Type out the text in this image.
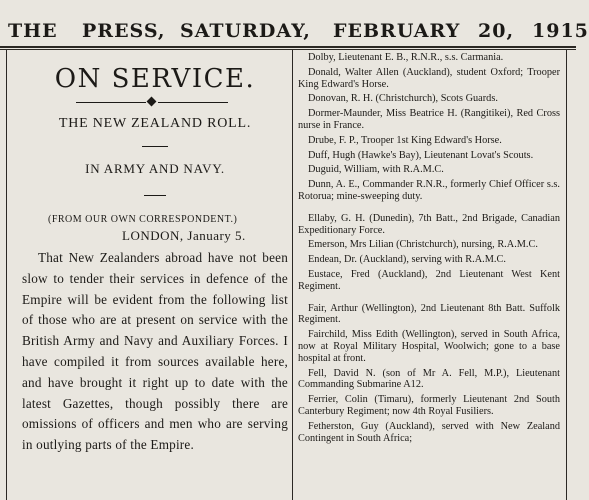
THE PRESS, SATURDAY, FEBRUARY 20, 1915
ON SERVICE.
THE NEW ZEALAND ROLL.
IN ARMY AND NAVY.
(FROM OUR OWN CORRESPONDENT.)
LONDON, January 5.
That New Zealanders abroad have not been slow to tender their services in defence of the Empire will be evident from the following list of those who are at present on service with the British Army and Navy and Auxiliary Forces. I have compiled it from sources available here, and have brought it right up to date with the latest Gazettes, though possibly there are omissions of officers and men who are serving in outlying parts of the Empire.

Dolby, Lieutenant E. B., R.N.R., s.s. Carmania.

Donald, Walter Allen (Auckland), student Oxford; Trooper King Edward's Horse.

Donovan, R. H. (Christchurch), Scots Guards.

Dormer-Maunder, Miss Beatrice H. (Rangitikei), Red Cross nurse in France.

Drube, F. P., Trooper 1st King Edward's Horse.

Duff, Hugh (Hawke's Bay), Lieutenant Lovat's Scouts.

Duguid, William, with R.A.M.C.

Dunn, A. E., Commander R.N.R., formerly Chief Officer s.s. Rotorua; mine-sweeping duty.

Ellaby, G. H. (Dunedin), 7th Batt., 2nd Brigade, Canadian Expeditionary Force.

Emerson, Mrs Lilian (Christchurch), nursing, R.A.M.C.

Endean, Dr. (Auckland), serving with R.A.M.C.

Eustace, Fred (Auckland), 2nd Lieutenant West Kent Regiment.

Fair, Arthur (Wellington), 2nd Lieutenant 8th Batt. Suffolk Regiment.

Fairchild, Miss Edith (Wellington), served in South Africa, now at Royal Military Hospital, Woolwich; gone to a base hospital at front.

Fell, David N. (son of Mr A. Fell, M.P.), Lieutenant Commanding Submarine A12.

Ferrier, Colin (Timaru), formerly Lieutenant 2nd South Canterbury Regiment; now 4th Royal Fusiliers.

Fetherston, Guy (Auckland), served with New Zealand Contingent in South Africa;
